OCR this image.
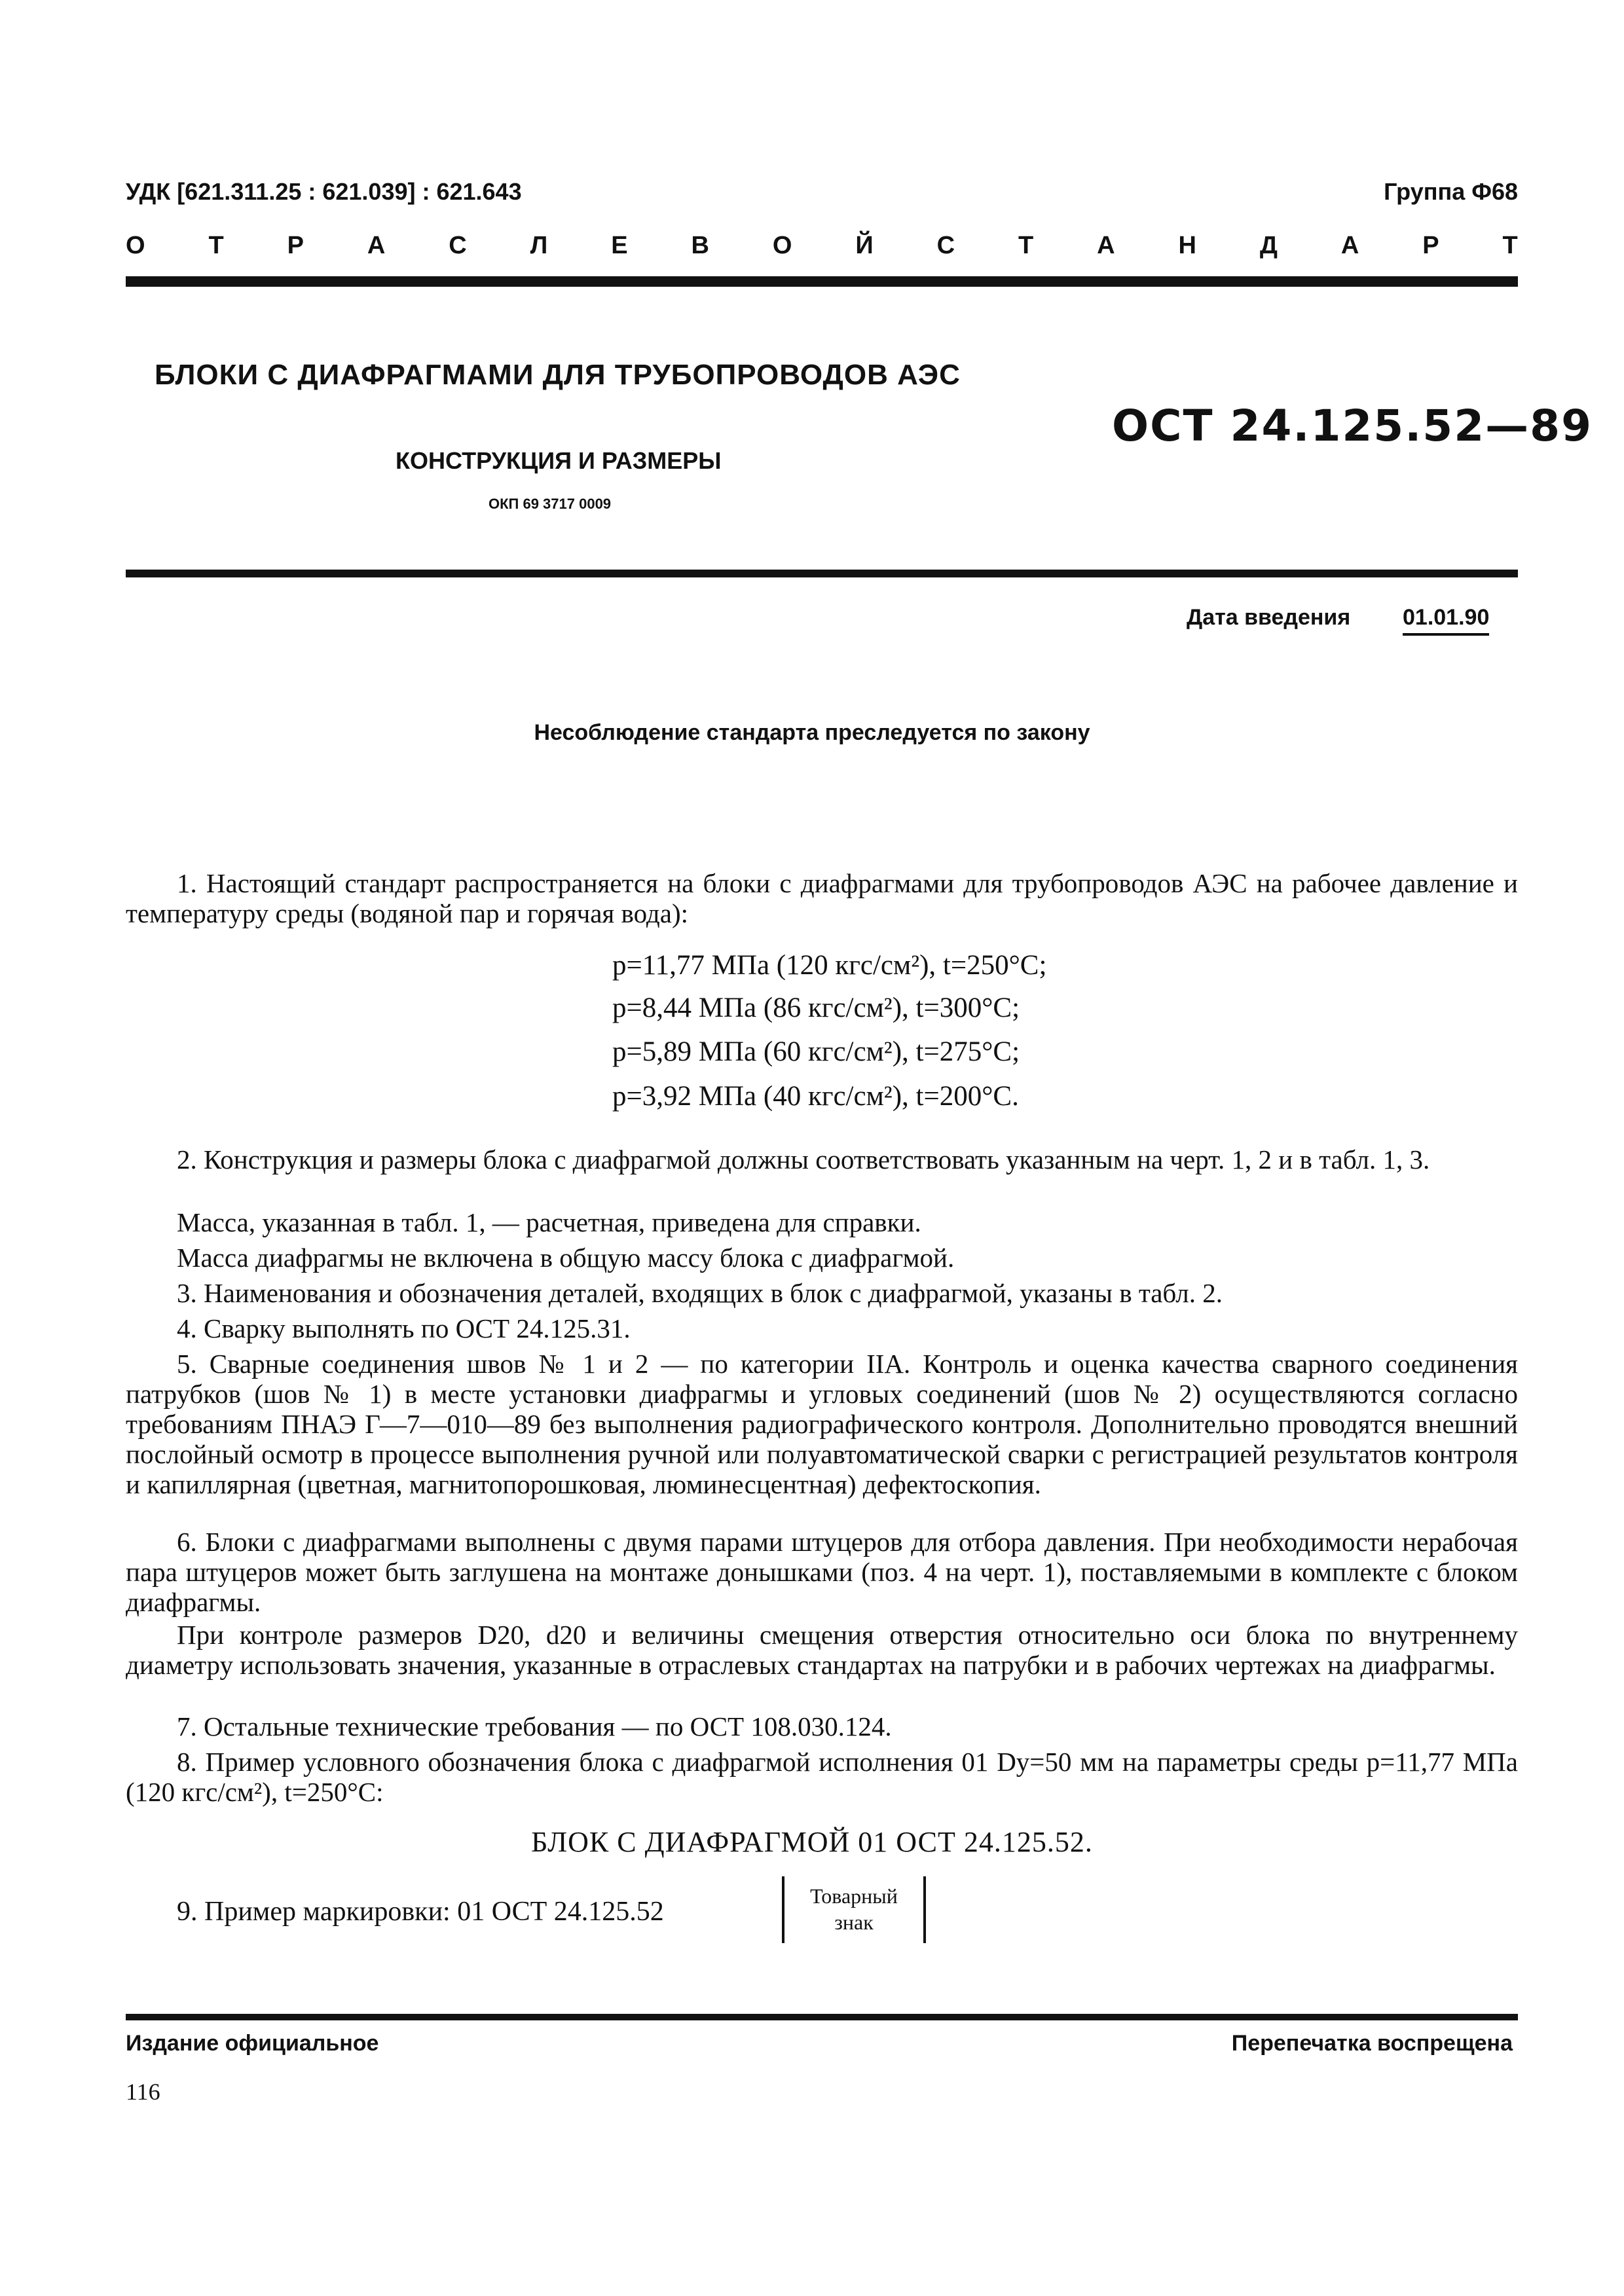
УДК [621.311.25 : 621.039] : 621.643	Группа Ф68
О	Т	Р	А	С	Л	Е	В	О	Й	С	Т	А	Н	Д	А	Р	Т
БЛОКИ С ДИАФРАГМАМИ ДЛЯ ТРУБОПРОВОДОВ АЭС
КОНСТРУКЦИЯ И РАЗМЕРЫ
ОКП 69 3717 0009
ОСТ 24.125.52—89
Дата введения 01.01.90
Несоблюдение стандарта преследуется по закону
1. Настоящий стандарт распространяется на блоки с диафрагмами для трубопроводов АЭС на рабочее давление и температуру среды (водяной пар и горячая вода):
p=11,77 МПа (120 кгс/см²), t=250°C;
p=8,44 МПа (86 кгс/см²), t=300°C;
p=5,89 МПа (60 кгс/см²), t=275°C;
p=3,92 МПа (40 кгс/см²), t=200°C.
2. Конструкция и размеры блока с диафрагмой должны соответствовать указанным на черт. 1, 2 и в табл. 1, 3.
Масса, указанная в табл. 1, — расчетная, приведена для справки.
Масса диафрагмы не включена в общую массу блока с диафрагмой.
3. Наименования и обозначения деталей, входящих в блок с диафрагмой, указаны в табл. 2.
4. Сварку выполнять по ОСТ 24.125.31.
5. Сварные соединения швов № 1 и 2 — по категории IIА. Контроль и оценка качества сварного соединения патрубков (шов № 1) в месте установки диафрагмы и угловых соединений (шов № 2) осуществляются согласно требованиям ПНАЭ Г—7—010—89 без выполнения радиографического контроля. Дополнительно проводятся внешний послойный осмотр в процессе выполнения ручной или полуавтоматической сварки с регистрацией результатов контроля и капиллярная (цветная, магнитопорошковая, люминесцентная) дефектоскопия.
6. Блоки с диафрагмами выполнены с двумя парами штуцеров для отбора давления. При необходимости нерабочая пара штуцеров может быть заглушена на монтаже донышками (поз. 4 на черт. 1), поставляемыми в комплекте с блоком диафрагмы.
При контроле размеров D20, d20 и величины смещения отверстия относительно оси блока по внутреннему диаметру использовать значения, указанные в отраслевых стандартах на патрубки и в рабочих чертежах на диафрагмы.
7. Остальные технические требования — по ОСТ 108.030.124.
8. Пример условного обозначения блока с диафрагмой исполнения 01 Dу=50 мм на параметры среды p=11,77 МПа (120 кгс/см²), t=250°C:
БЛОК С ДИАФРАГМОЙ 01 ОСТ 24.125.52.
9. Пример маркировки: 01 ОСТ 24.125.52
Товарный
знак
Издание официальное	Перепечатка воспрещена
116
